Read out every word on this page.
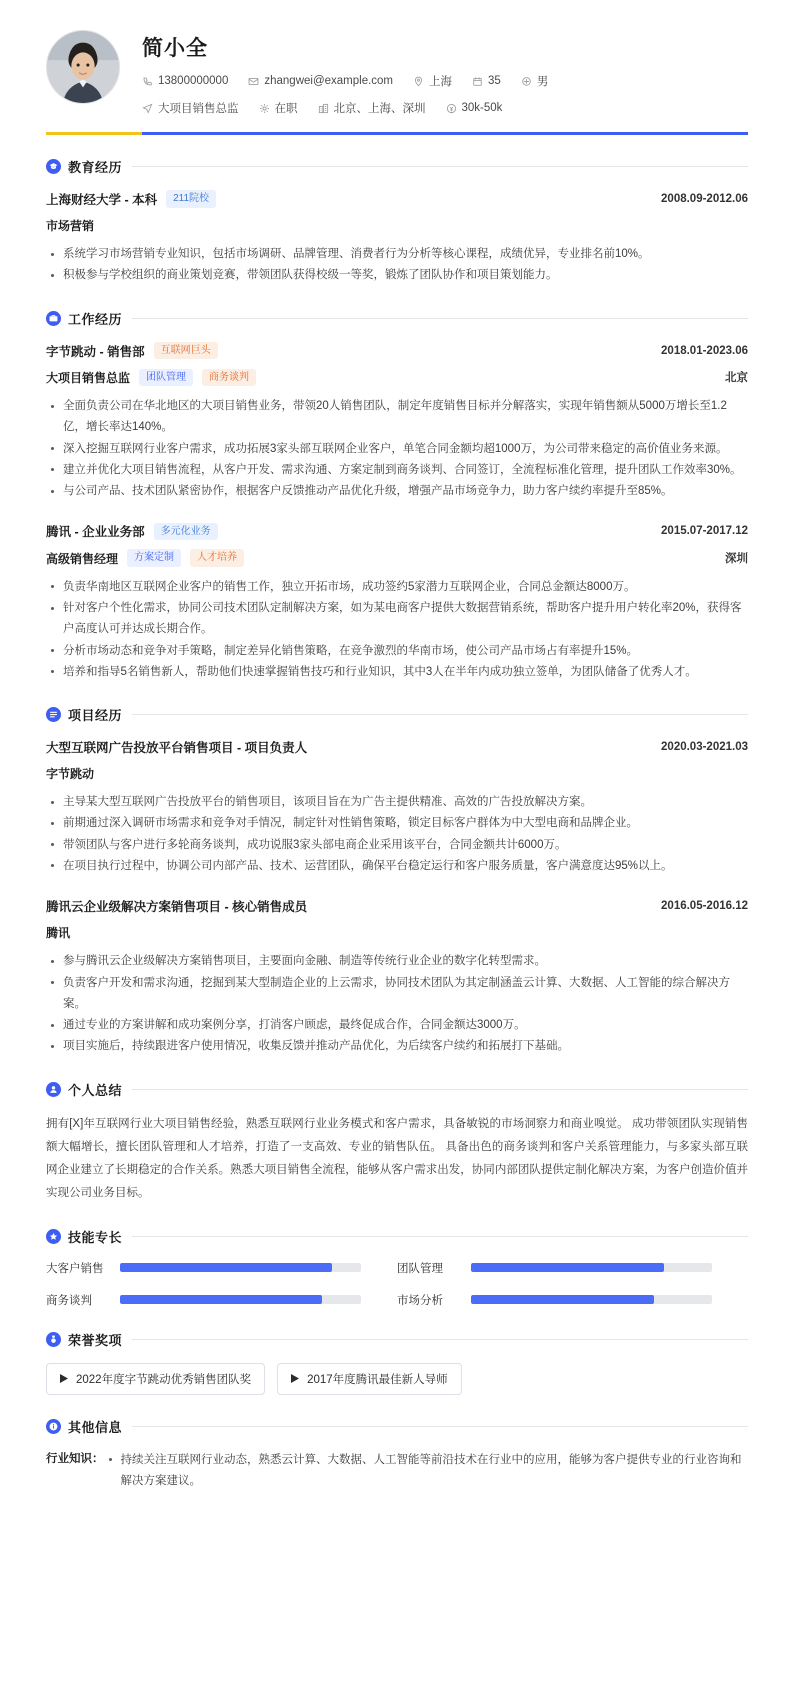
简小全
13800000000	zhangwei@example.com	上海	35	男
大项目销售总监	在职	北京、上海、深圳	30k-50k
教育经历
上海财经大学 - 本科	211院校	2008.09-2012.06
市场营销
系统学习市场营销专业知识，包括市场调研、品牌管理、消费者行为分析等核心课程，成绩优异，专业排名前10%。
积极参与学校组织的商业策划竞赛，带领团队获得校级一等奖，锻炼了团队协作和项目策划能力。
工作经历
字节跳动 - 销售部	互联网巨头	2018.01-2023.06
大项目销售总监	团队管理	商务谈判	北京
全面负责公司在华北地区的大项目销售业务，带领20人销售团队，制定年度销售目标并分解落实，实现年销售额从5000万增长至1.2亿，增长率达140%。
深入挖掘互联网行业客户需求，成功拓展3家头部互联网企业客户，单笔合同金额均超1000万，为公司带来稳定的高价值业务来源。
建立并优化大项目销售流程，从客户开发、需求沟通、方案定制到商务谈判、合同签订，全流程标准化管理，提升团队工作效率30%。
与公司产品、技术团队紧密协作，根据客户反馈推动产品优化升级，增强产品市场竞争力，助力客户续约率提升至85%。
腾讯 - 企业业务部	多元化业务	2015.07-2017.12
高级销售经理	方案定制	人才培养	深圳
负责华南地区互联网企业客户的销售工作，独立开拓市场，成功签约5家潜力互联网企业，合同总金额达8000万。
针对客户个性化需求，协同公司技术团队定制解决方案，如为某电商客户提供大数据营销系统，帮助客户提升用户转化率20%，获得客户高度认可并达成长期合作。
分析市场动态和竞争对手策略，制定差异化销售策略，在竞争激烈的华南市场，使公司产品市场占有率提升15%。
培养和指导5名销售新人，帮助他们快速掌握销售技巧和行业知识，其中3人在半年内成功独立签单，为团队储备了优秀人才。
项目经历
大型互联网广告投放平台销售项目 - 项目负责人	2020.03-2021.03
字节跳动
主导某大型互联网广告投放平台的销售项目，该项目旨在为广告主提供精准、高效的广告投放解决方案。
前期通过深入调研市场需求和竞争对手情况，制定针对性销售策略，锁定目标客户群体为中大型电商和品牌企业。
带领团队与客户进行多轮商务谈判，成功说服3家头部电商企业采用该平台，合同金额共计6000万。
在项目执行过程中，协调公司内部产品、技术、运营团队，确保平台稳定运行和客户服务质量，客户满意度达95%以上。
腾讯云企业级解决方案销售项目 - 核心销售成员	2016.05-2016.12
腾讯
参与腾讯云企业级解决方案销售项目，主要面向金融、制造等传统行业企业的数字化转型需求。
负责客户开发和需求沟通，挖掘到某大型制造企业的上云需求，协同技术团队为其定制涵盖云计算、大数据、人工智能的综合解决方案。
通过专业的方案讲解和成功案例分享，打消客户顾虑，最终促成合作，合同金额达3000万。
项目实施后，持续跟进客户使用情况，收集反馈并推动产品优化，为后续客户续约和拓展打下基础。
个人总结
拥有[X]年互联网行业大项目销售经验，熟悉互联网行业业务模式和客户需求，具备敏锐的市场洞察力和商业嗅觉。 成功带领团队实现销售额大幅增长，擅长团队管理和人才培养，打造了一支高效、专业的销售队伍。 具备出色的商务谈判和客户关系管理能力，与多家头部互联网企业建立了长期稳定的合作关系。熟悉大项目销售全流程，能够从客户需求出发，协同内部团队提供定制化解决方案，为客户创造价值并实现公司业务目标。
技能专长
大客户销售	团队管理
商务谈判	市场分析
荣誉奖项
2022年度字节跳动优秀销售团队奖	2017年度腾讯最佳新人导师
其他信息
行业知识：	持续关注互联网行业动态，熟悉云计算、大数据、人工智能等前沿技术在行业中的应用，能够为客户提供专业的行业咨询和解决方案建议。
